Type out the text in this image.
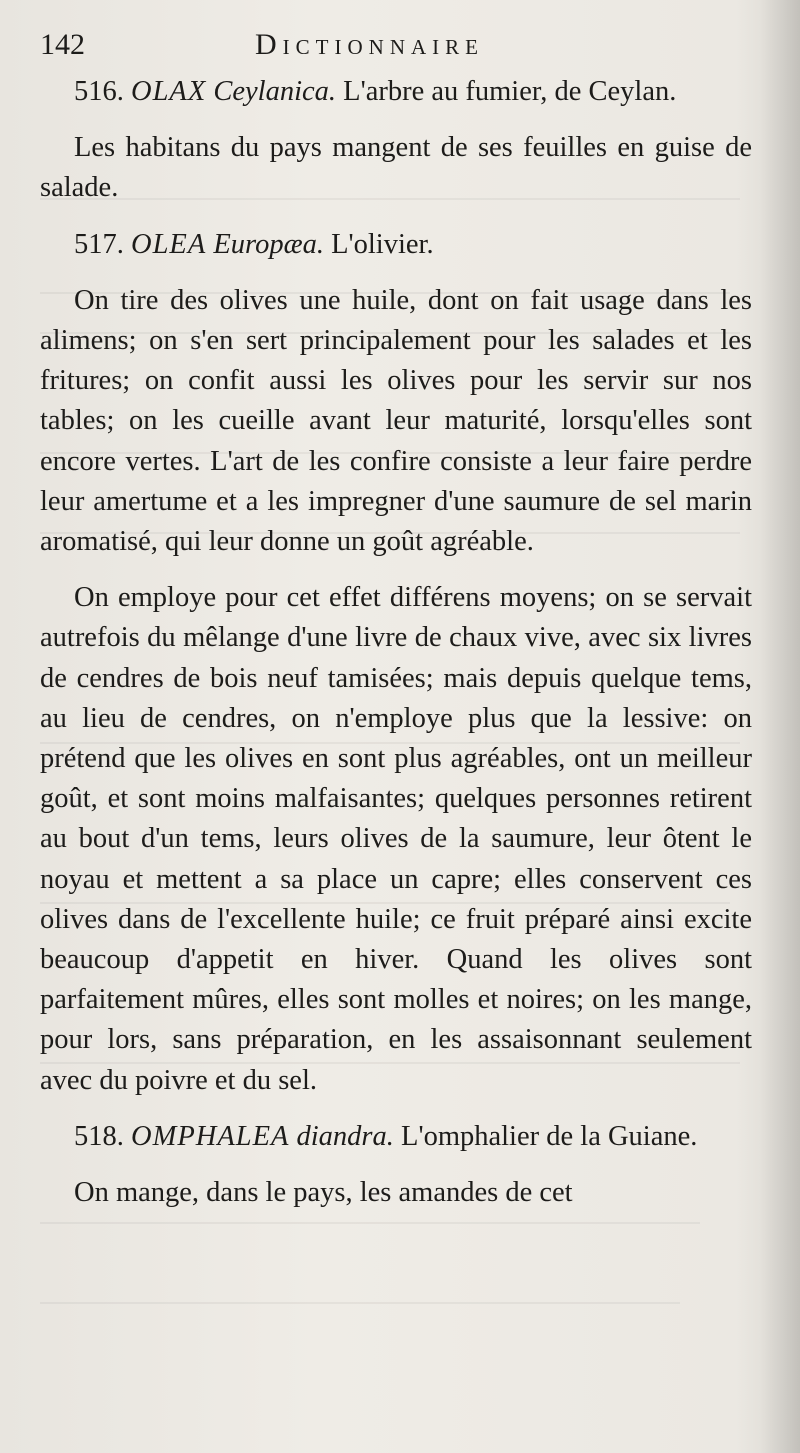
142	Dictionnaire

516. OLAX Ceylanica. L'arbre au fumier, de Ceylan.

Les habitans du pays mangent de ses feuilles en guise de salade.

517. OLEA Europæa. L'olivier.

On tire des olives une huile, dont on fait usage dans les alimens; on s'en sert principalement pour les salades et les fritures; on confit aussi les olives pour les servir sur nos tables; on les cueille avant leur maturité, lorsqu'elles sont encore vertes. L'art de les confire consiste a leur faire perdre leur amertume et a les impregner d'une saumure de sel marin aromatisé, qui leur donne un goût agréable.

On employe pour cet effet différens moyens; on se servait autrefois du mêlange d'une livre de chaux vive, avec six livres de cendres de bois neuf tamisées; mais depuis quelque tems, au lieu de cendres, on n'employe plus que la lessive: on prétend que les olives en sont plus agréables, ont un meilleur goût, et sont moins malfaisantes; quelques personnes retirent au bout d'un tems, leurs olives de la saumure, leur ôtent le noyau et mettent a sa place un capre; elles conservent ces olives dans de l'excellente huile; ce fruit préparé ainsi excite beaucoup d'appetit en hiver. Quand les olives sont parfaitement mûres, elles sont molles et noires; on les mange, pour lors, sans préparation, en les assaisonnant seulement avec du poivre et du sel.

518. OMPHALEA diandra. L'omphalier de la Guiane.

On mange, dans le pays, les amandes de cet
